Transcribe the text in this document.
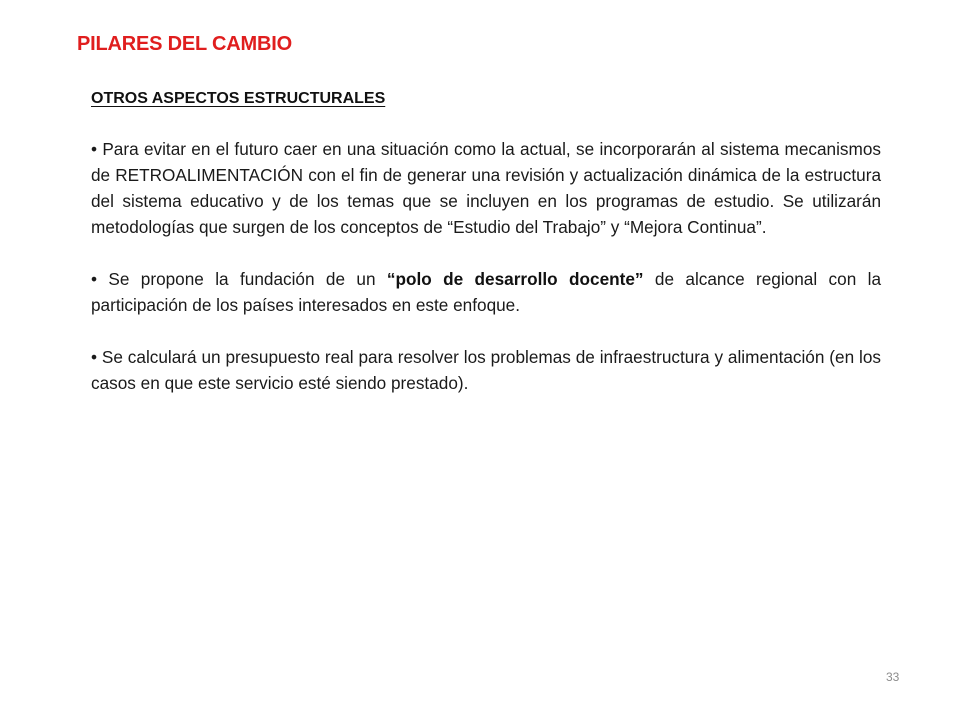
PILARES DEL CAMBIO
OTROS ASPECTOS ESTRUCTURALES

• Para evitar en el futuro caer en una situación como la actual, se incorporarán al sistema mecanismos de RETROALIMENTACIÓN con el fin de generar una revisión y actualización dinámica de la estructura del sistema educativo y de los temas que se incluyen en los programas de estudio. Se utilizarán metodologías que surgen de los conceptos de “Estudio del Trabajo” y “Mejora Continua”.

• Se propone la fundación de un “polo de desarrollo docente” de alcance regional con la participación de los países interesados en este enfoque.

• Se calculará un presupuesto real para resolver los problemas de infraestructura y alimentación (en los casos en que este servicio esté siendo prestado).

33
